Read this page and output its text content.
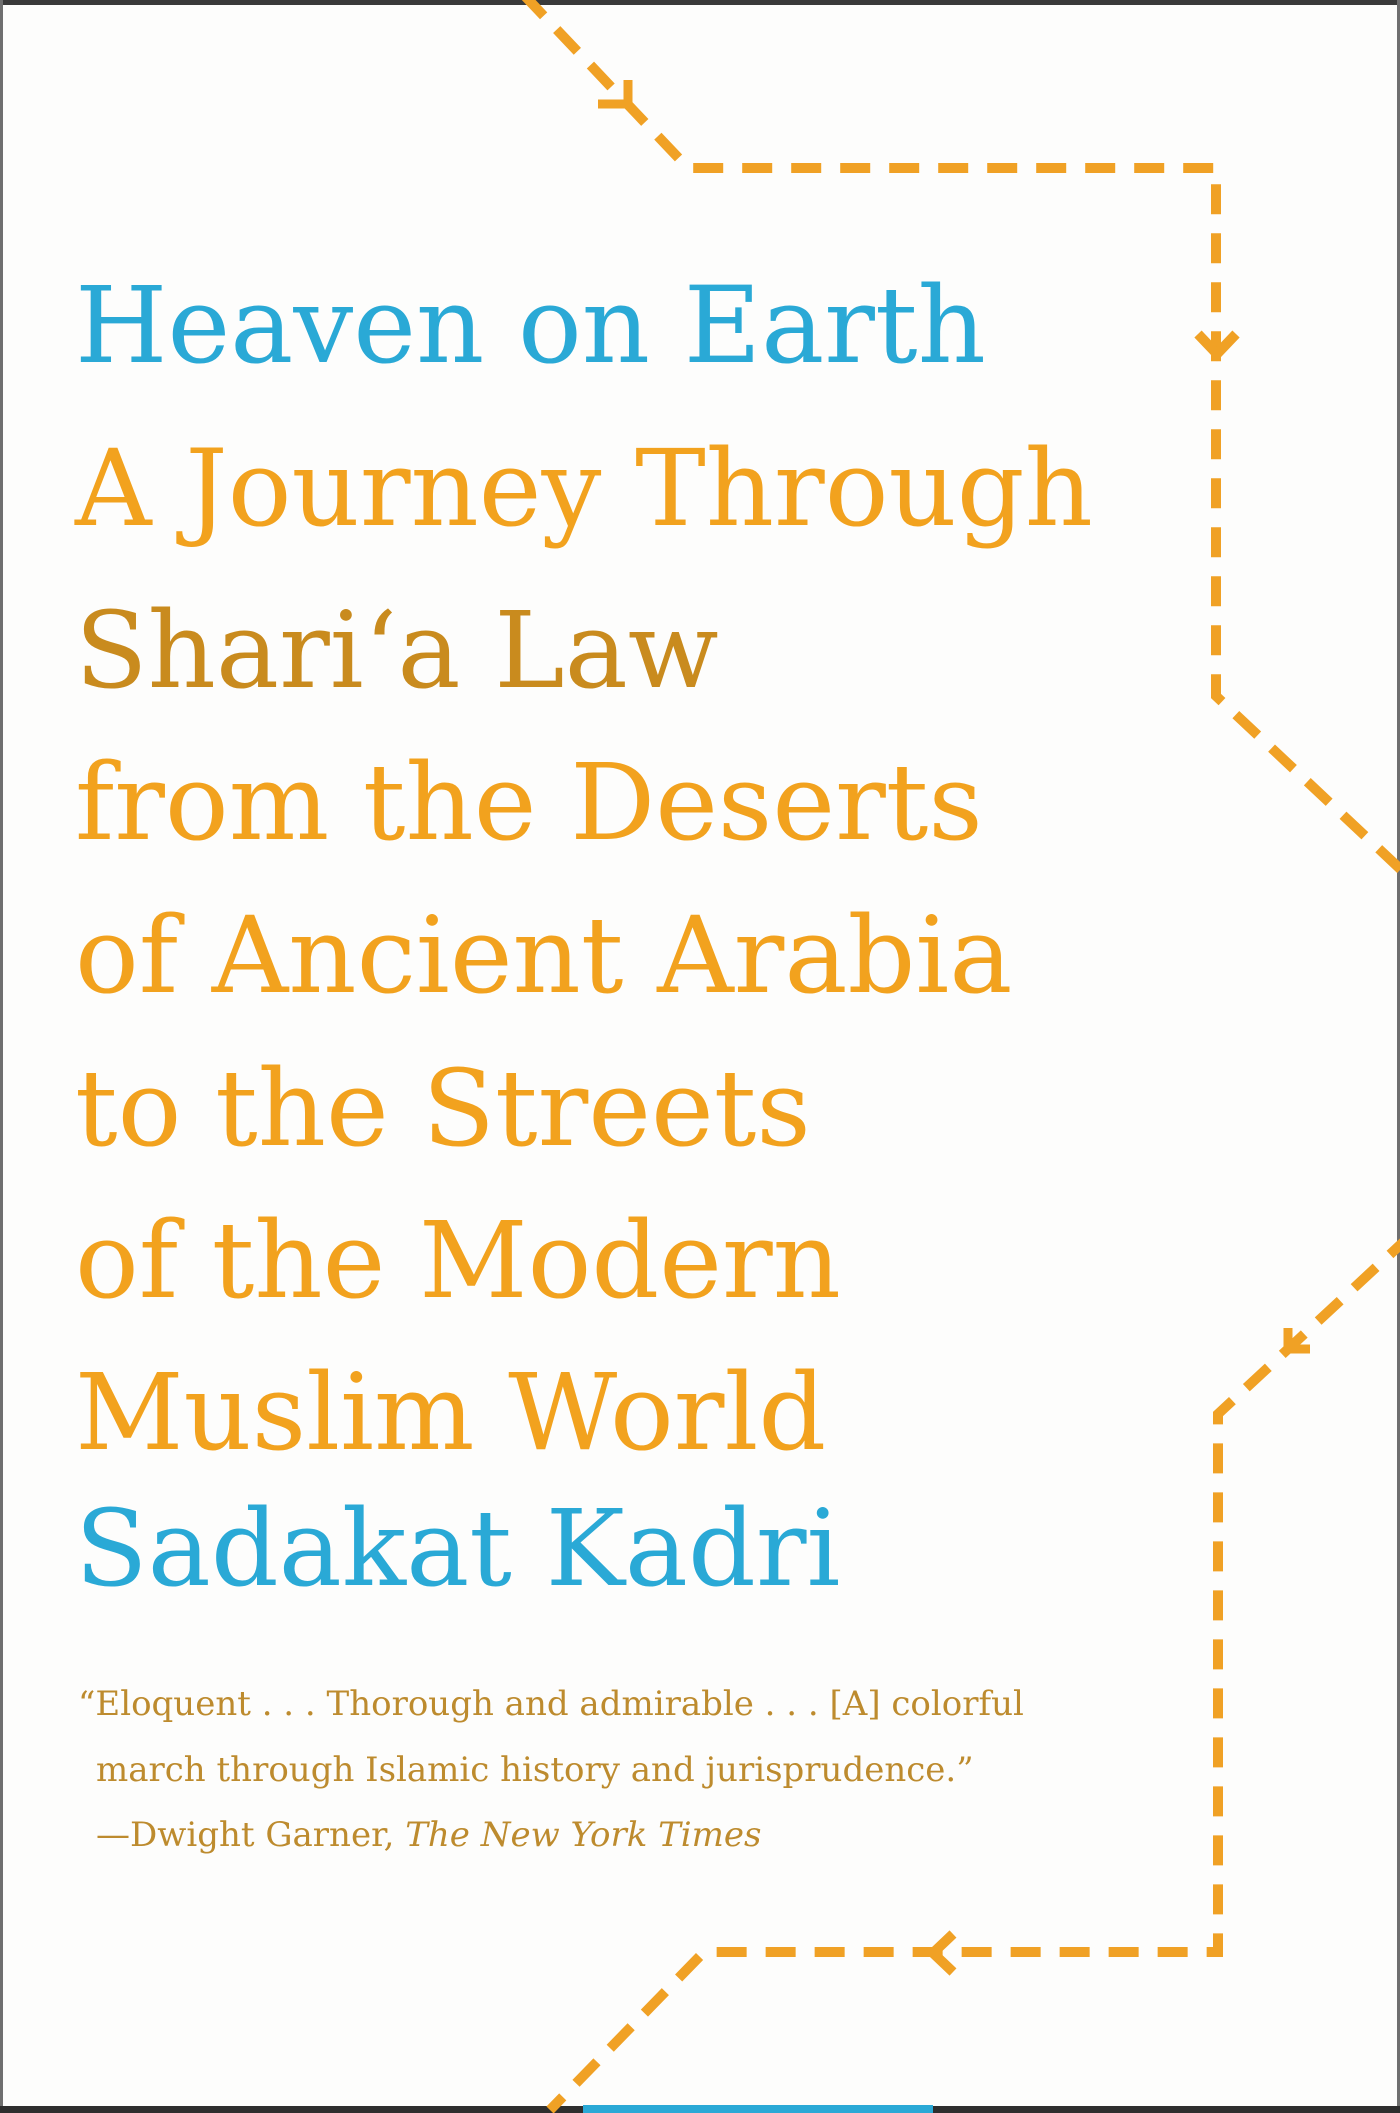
Heaven on Earth
A Journey Through
Shari‘a Law
from the Deserts
of Ancient Arabia
to the Streets
of the Modern
Muslim World
Sadakat Kadri
“Eloquent . . . Thorough and admirable . . . [A] colorful
march through Islamic history and jurisprudence.”
—Dwight Garner, The New York Times
